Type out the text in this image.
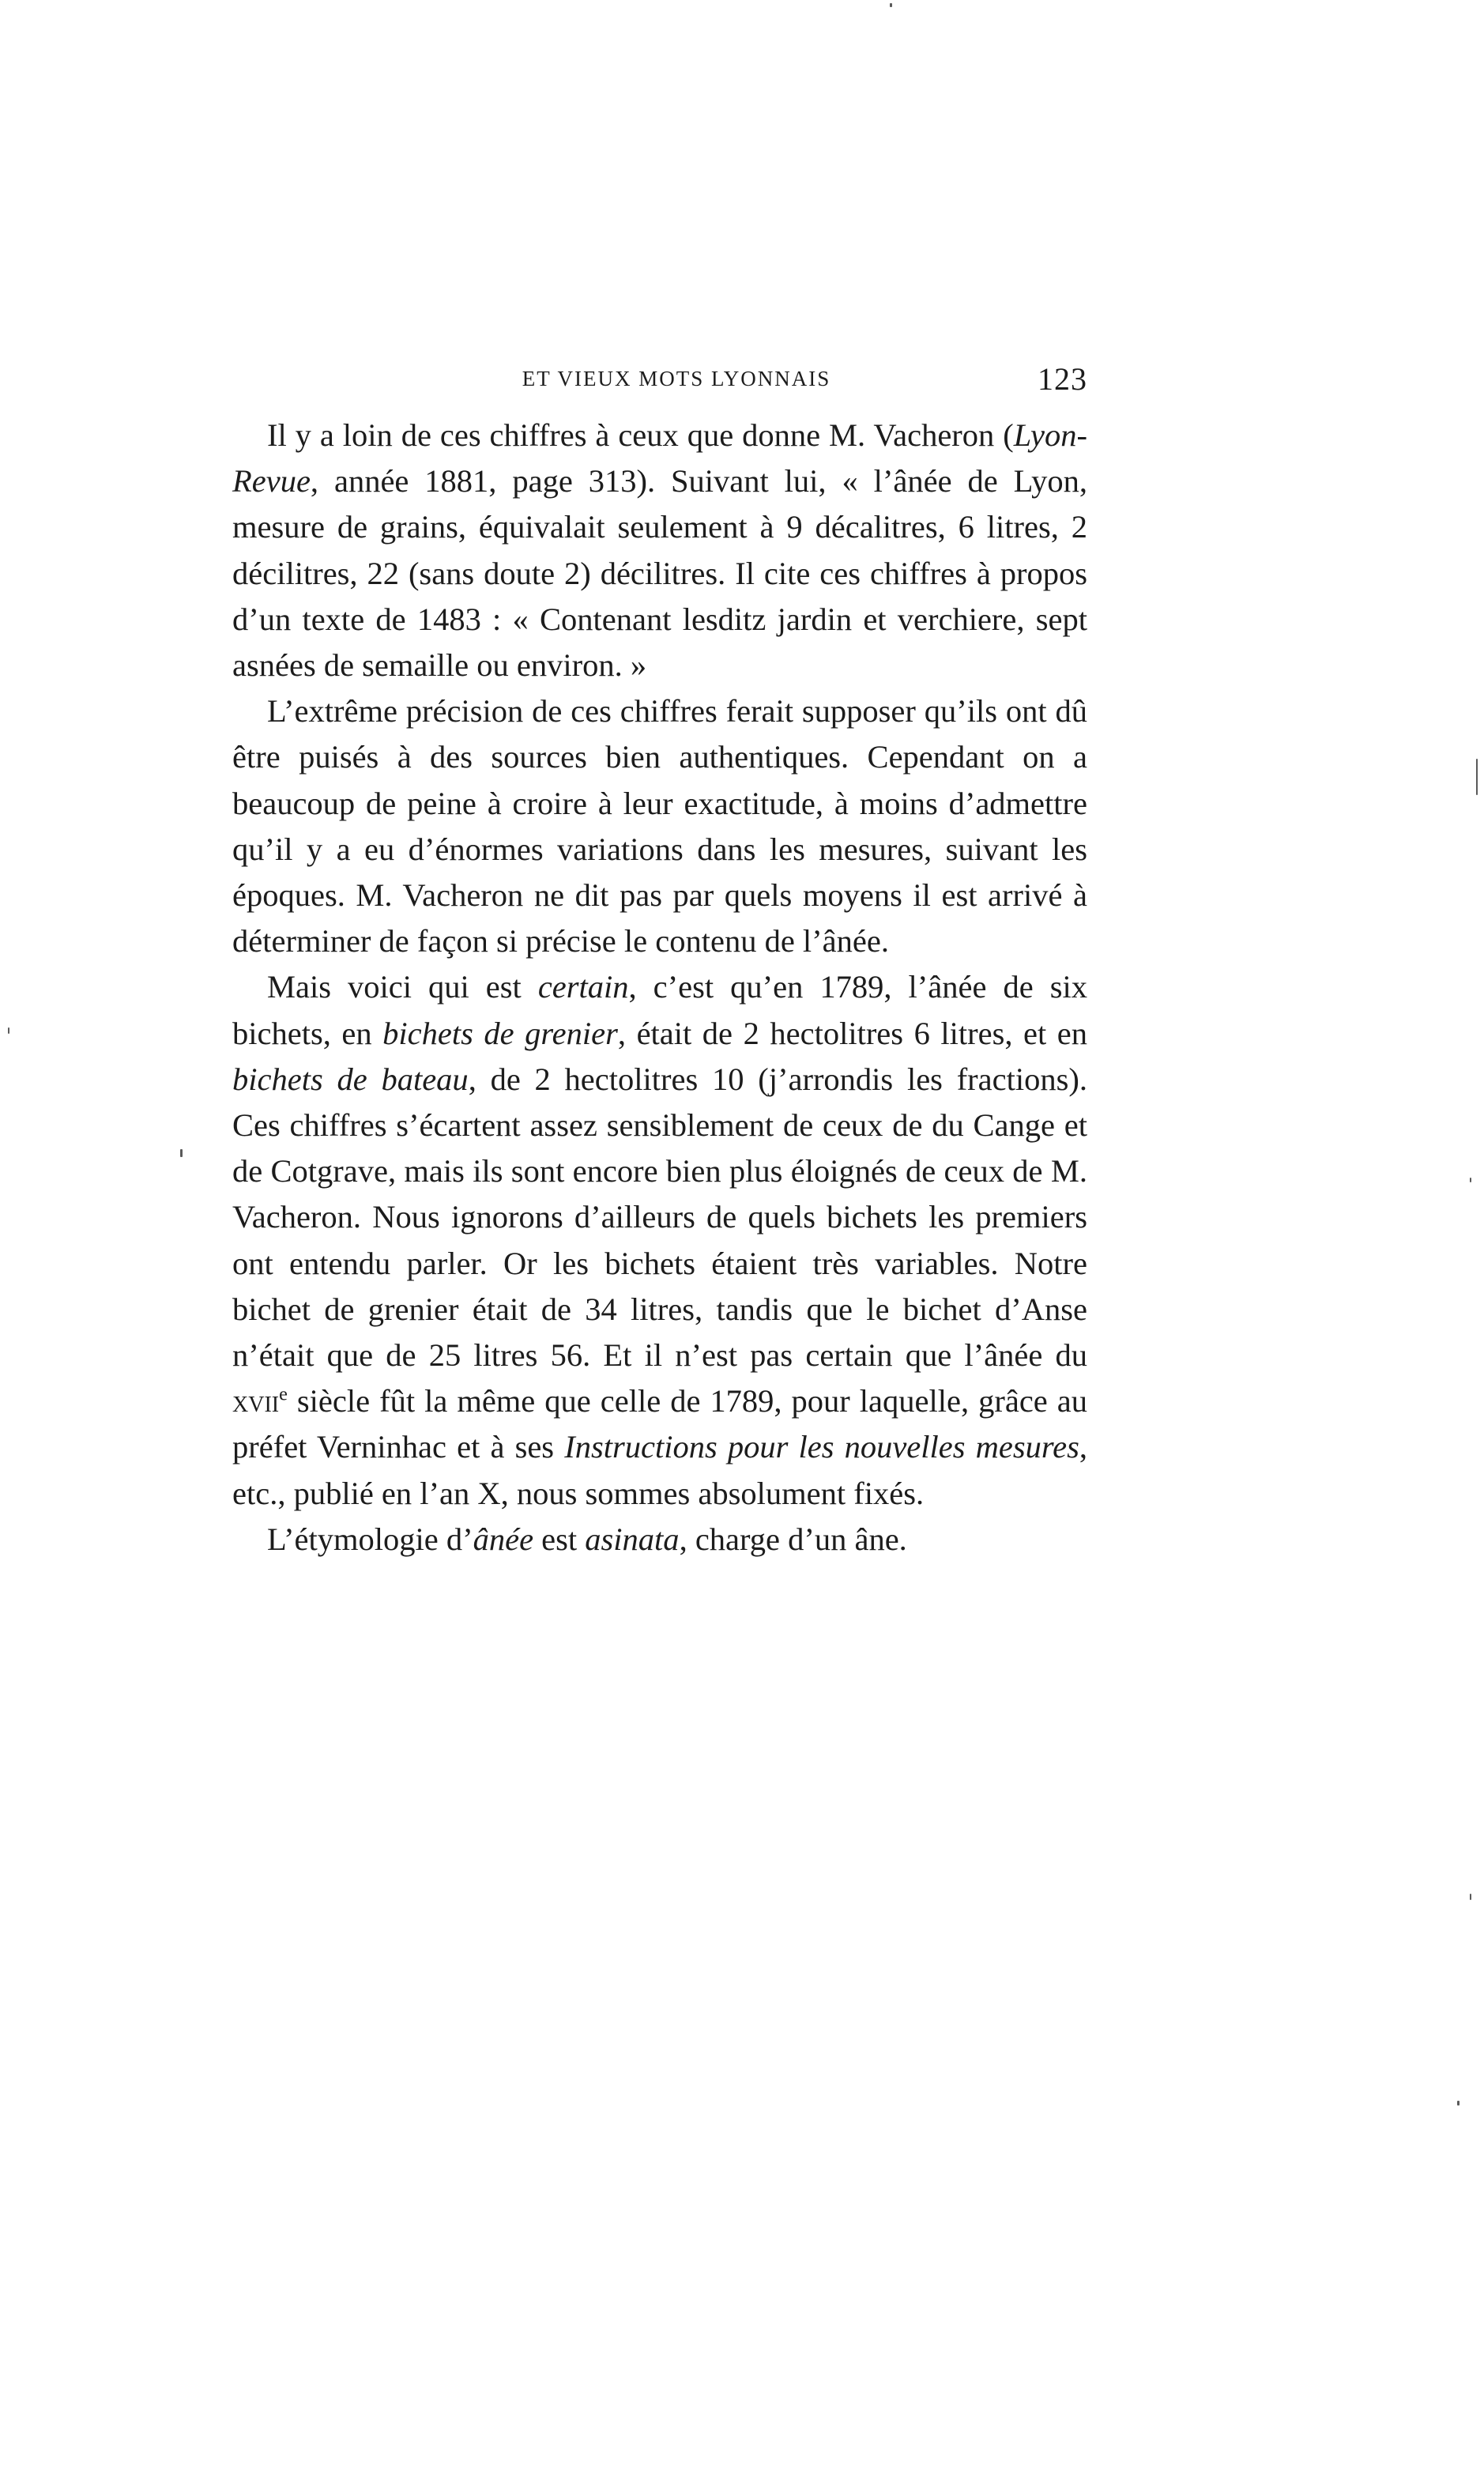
ET VIEUX MOTS LYONNAIS	123

Il y a loin de ces chiffres à ceux que donne M. Vacheron (Lyon-Revue, année 1881, page 313). Suivant lui, « l’ânée de Lyon, mesure de grains, équivalait seulement à 9 décalitres, 6 litres, 2 décilitres, 22 (sans doute 2) décilitres. Il cite ces chiffres à propos d’un texte de 1483 : « Contenant lesditz jardin et verchiere, sept asnées de semaille ou environ. »

L’extrême précision de ces chiffres ferait supposer qu’ils ont dû être puisés à des sources bien authentiques. Cependant on a beaucoup de peine à croire à leur exactitude, à moins d’admettre qu’il y a eu d’énormes variations dans les mesures, suivant les époques. M. Vacheron ne dit pas par quels moyens il est arrivé à déterminer de façon si précise le contenu de l’ânée.

Mais voici qui est certain, c’est qu’en 1789, l’ânée de six bichets, en bichets de grenier, était de 2 hectolitres 6 litres, et en bichets de bateau, de 2 hectolitres 10 (j’arrondis les fractions). Ces chiffres s’écartent assez sensiblement de ceux de du Cange et de Cotgrave, mais ils sont encore bien plus éloignés de ceux de M. Vacheron. Nous ignorons d’ailleurs de quels bichets les premiers ont entendu parler. Or les bichets étaient très variables. Notre bichet de grenier était de 34 litres, tandis que le bichet d’Anse n’était que de 25 litres 56. Et il n’est pas certain que l’ânée du xvii$^e$ siècle fût la même que celle de 1789, pour laquelle, grâce au préfet Verninhac et à ses Instructions pour les nouvelles mesures, etc., publié en l’an X, nous sommes absolument fixés.

L’étymologie d’ânée est asinata, charge d’un âne.
